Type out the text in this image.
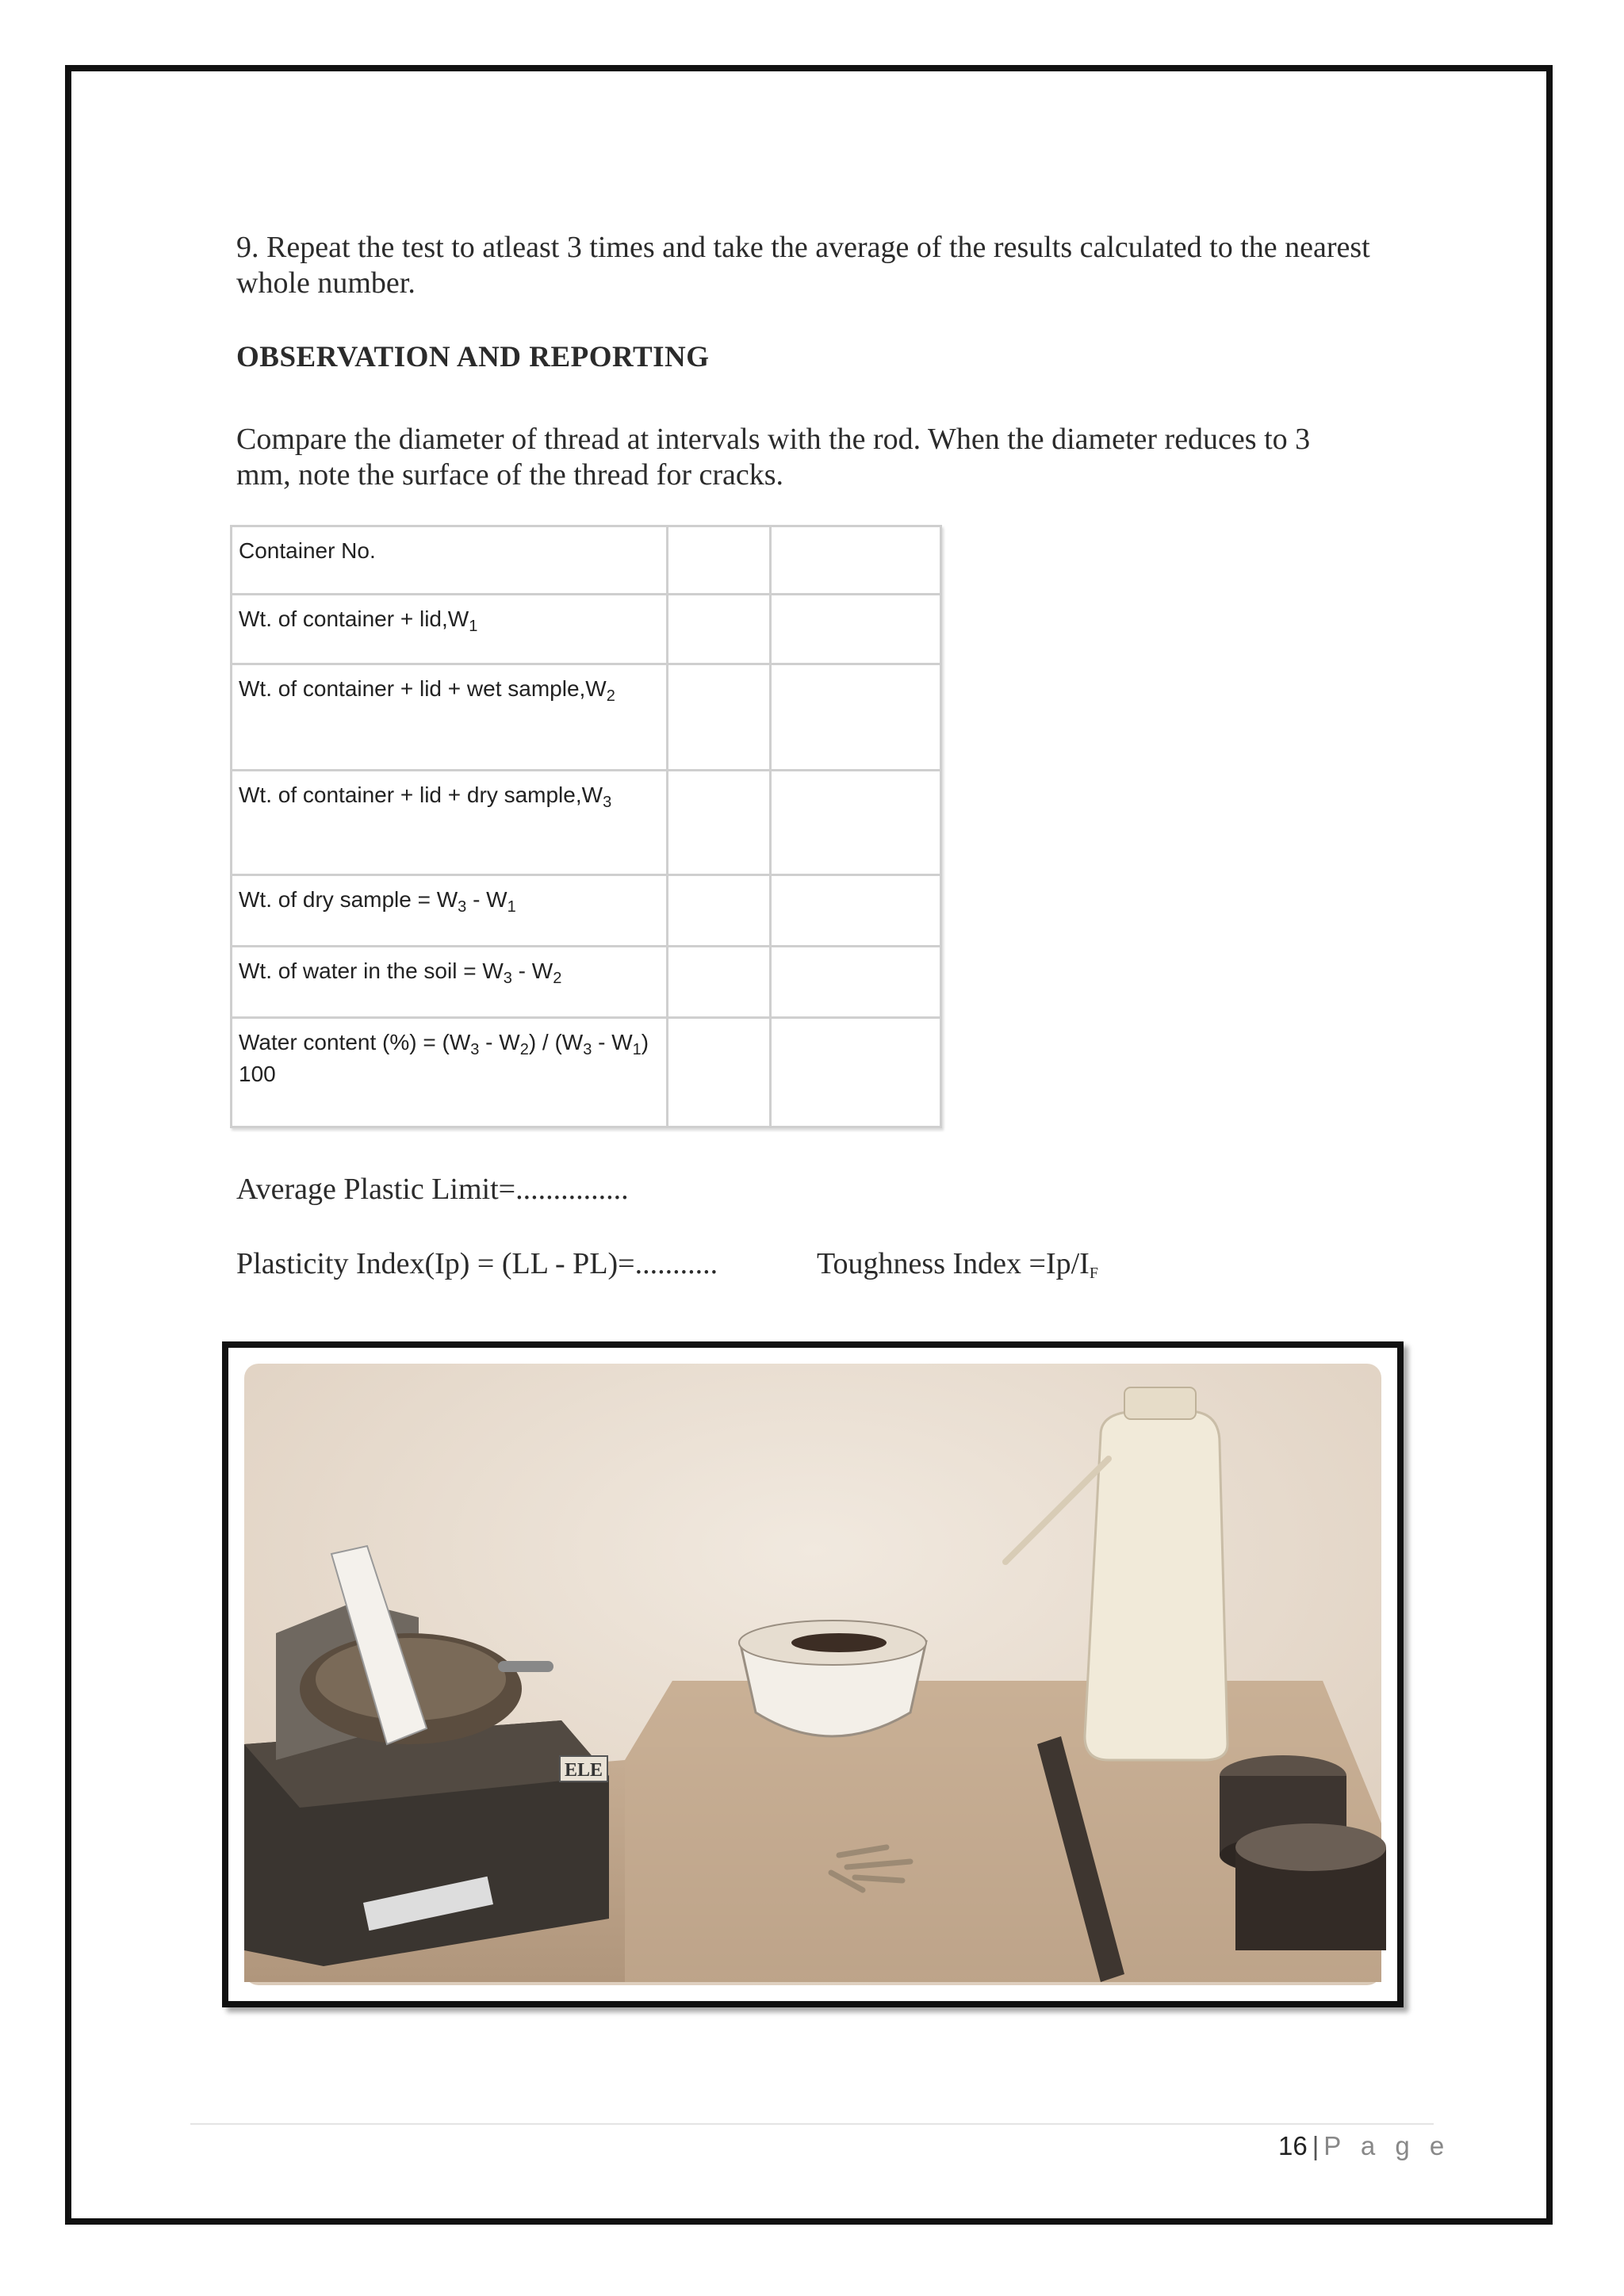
9. Repeat the test to atleast 3 times and take the average of the results calculated to the nearest whole number.
OBSERVATION AND REPORTING
Compare the diameter of thread at intervals with the rod. When the diameter reduces to 3 mm, note the surface of the thread for cracks.
Container No.		
Wt. of container + $lid,W_1$		
Wt. of container + lid + wet $sample,W_2$		
Wt. of container + lid + dry $sample,W_3$		
Wt. of dry sample = $W_3 - W_1$		
Wt. of water in the soil = $W_3 - W_2$		
Water content (%) = $(W_3 - W_2) / (W_3 - W_1)$ 100		
Average Plastic Limit=...............
Plasticity Index(Ip) = (LL - PL)=...........	Toughness Index $=Ip/I_F$
ELE
16 | P a g e
